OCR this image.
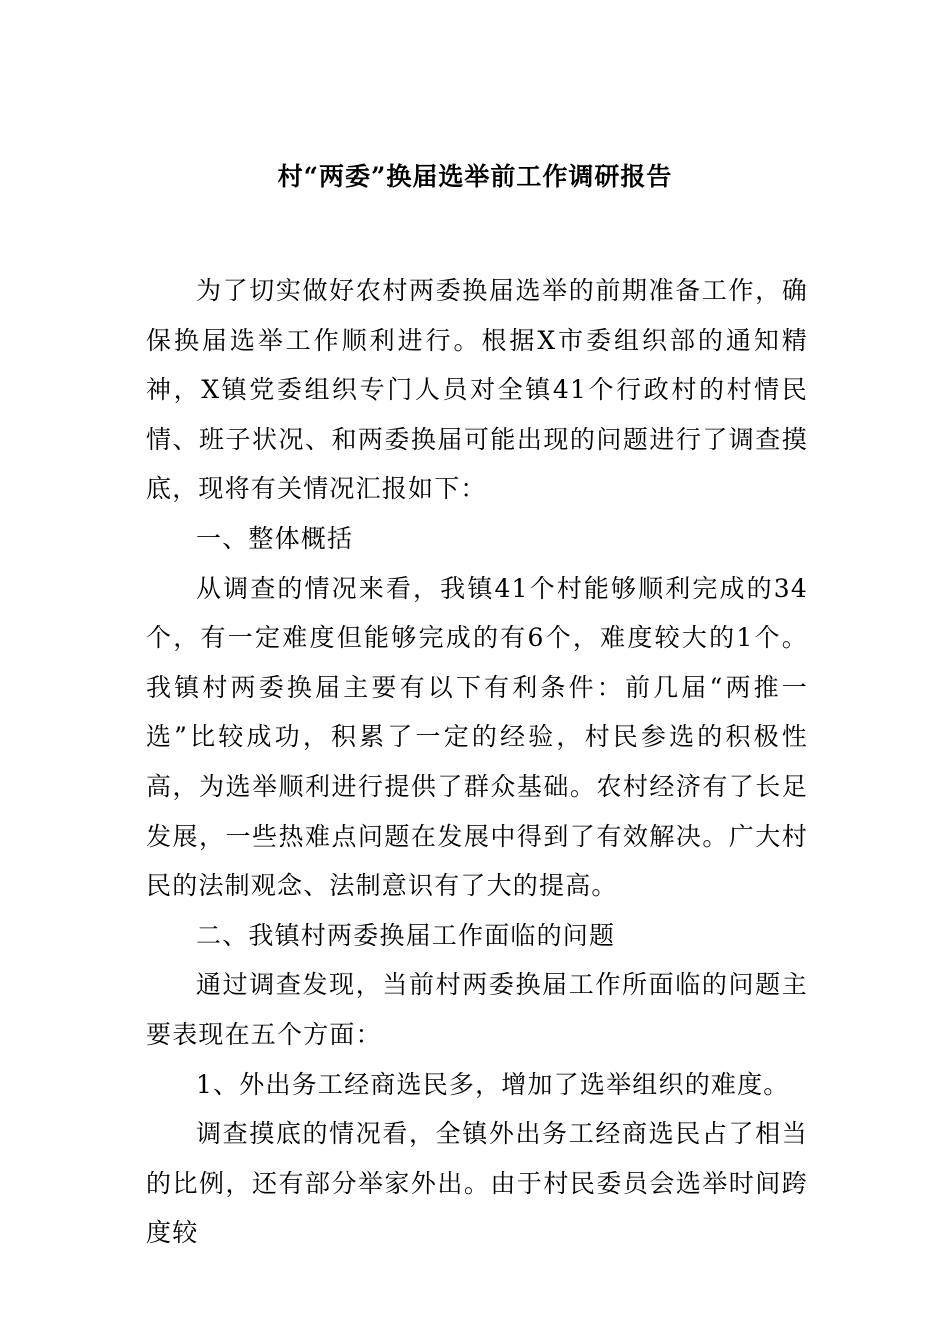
村“两委”换届选举前工作调研报告

为了切实做好农村两委换届选举的前期准备工作，确保换届选举工作顺利进行。根据X市委组织部的通知精神，X镇党委组织专门人员对全镇41个行政村的村情民情、班子状况、和两委换届可能出现的问题进行了调查摸底，现将有关情况汇报如下：

一、整体概括

从调查的情况来看，我镇41个村能够顺利完成的34个，有一定难度但能够完成的有6个，难度较大的1个。我镇村两委换届主要有以下有利条件：前几届“两推一选”比较成功，积累了一定的经验，村民参选的积极性高，为选举顺利进行提供了群众基础。农村经济有了长足发展，一些热难点问题在发展中得到了有效解决。广大村民的法制观念、法制意识有了大的提高。

二、我镇村两委换届工作面临的问题

通过调查发现，当前村两委换届工作所面临的问题主要表现在五个方面：

1、外出务工经商选民多，增加了选举组织的难度。

调查摸底的情况看，全镇外出务工经商选民占了相当的比例，还有部分举家外出。由于村民委员会选举时间跨度较
